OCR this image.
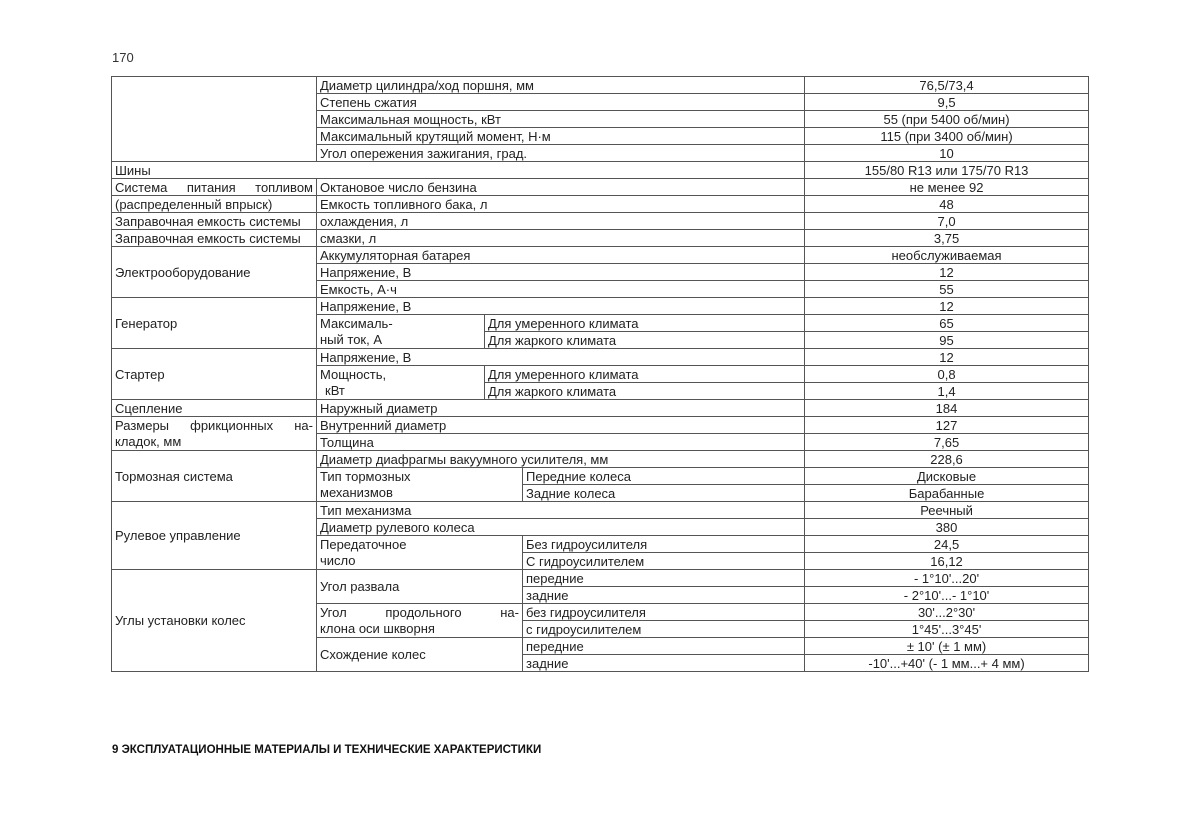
170
	Диаметр цилиндра/ход поршня, мм			76,5/73,4
	Степень сжатия			9,5
	Максимальная мощность, кВт			55 (при 5400 об/мин)
	Максимальный крутящий момент, Н·м			115 (при 3400 об/мин)
	Угол опережения зажигания, град.			10
Шины				155/80 R13 или 175/70 R13
Система питания топливом	Октановое число бензина			не менее 92
(распределенный впрыск)	Емкость топливного бака, л			48
Заправочная емкость системы	охлаждения, л			7,0
Заправочная емкость системы	смазки, л			3,75
Электрооборудование	Аккумуляторная батарея			необслуживаемая
	Напряжение, В			12
	Емкость, А·ч			55
Генератор	Напряжение, В			12
	Максималь-	Для умеренного климата		65
	ный ток, А	Для жаркого климата		95
Стартер	Напряжение, В			12
	Мощность,	Для умеренного климата		0,8
	кВт	Для жаркого климата		1,4
Сцепление	Наружный диаметр			184
Размеры фрикционных на-	Внутренний диаметр			127
кладок, мм	Толщина			7,65
Тормозная система	Диаметр диафрагмы вакуумного усилителя, мм			228,6
	Тип тормозных		Передние колеса	Дисковые
	механизмов		Задние колеса	Барабанные
Рулевое управление	Тип механизма			Реечный
	Диаметр рулевого колеса			380
	Передаточное		Без гидроусилителя	24,5
	число		С гидроусилителем	16,12
Углы установки колес	Угол развала		передние	- 1°10'...20'
			задние	- 2°10'...- 1°10'
	Угол продольного на-		без гидроусилителя	30'...2°30'
	клона оси шкворня		с гидроусилителем	1°45'...3°45'
	Схождение колес		передние	± 10' (± 1 мм)
			задние	-10'...+40' (- 1 мм...+ 4 мм)
9 ЭКСПЛУАТАЦИОННЫЕ МАТЕРИАЛЫ И ТЕХНИЧЕСКИЕ ХАРАКТЕРИСТИКИ
